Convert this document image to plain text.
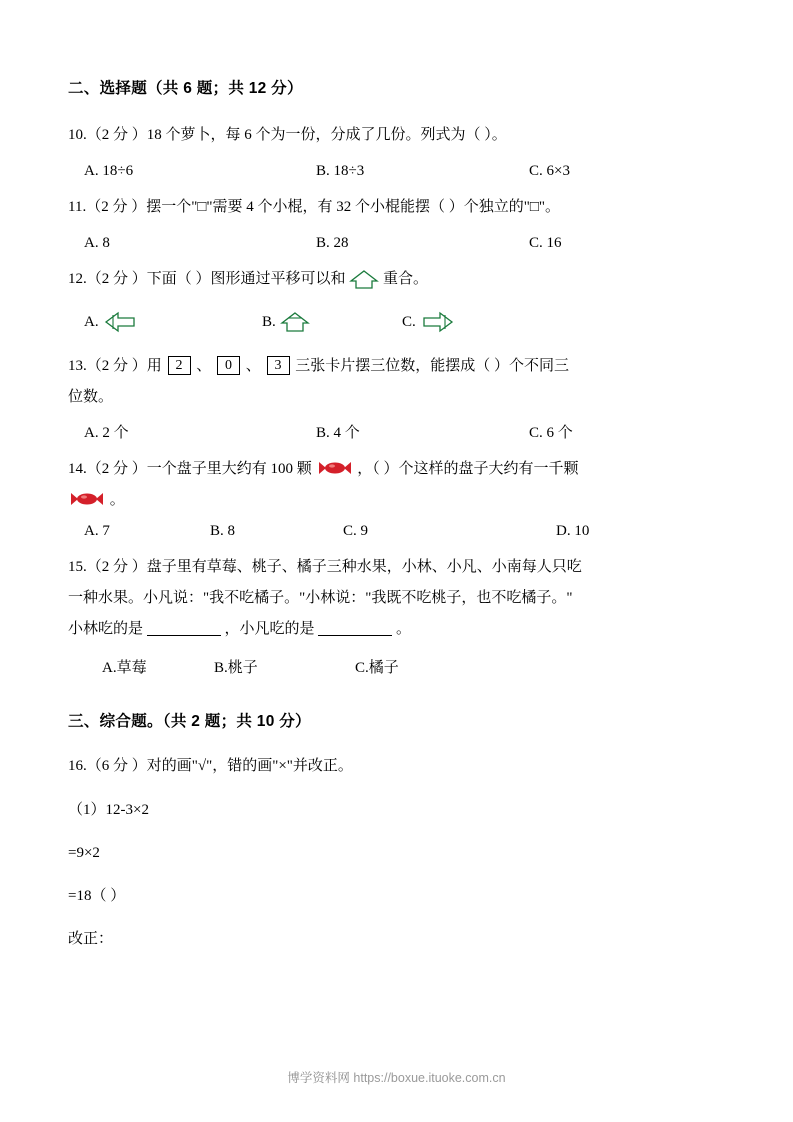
二、选择题（共 6 题；共 12 分）
10.（2 分 ）18 个萝卜，每 6 个为一份，分成了几份。列式为（ ）。
A. 18÷6	B. 18÷3	C. 6×3
11.（2 分 ）摆一个"□"需要 4 个小棍，有 32 个小棍能摆（ ）个独立的"□"。
A. 8	B. 28	C. 16
12.（2 分 ）下面（ ）图形通过平移可以和	重合。
A.	B.	C.
13.（2 分 ）用 2 、 0 、 3 三张卡片摆三位数，能摆成（ ）个不同三
位数。
A. 2 个	B. 4 个	C. 6 个
14.（2 分 ）一个盘子里大约有 100 颗	，（ ）个这样的盘子大约有一千颗
。
A. 7	B. 8	C. 9	D. 10
15.（2 分 ）盘子里有草莓、桃子、橘子三种水果，小林、小凡、小南每人只吃
一种水果。小凡说："我不吃橘子。"小林说："我既不吃桃子，也不吃橘子。"
小林吃的是	，小凡吃的是	。
A.草莓	B.桃子	C.橘子
三、综合题。（共 2 题；共 10 分）
16.（6 分 ）对的画"√"，错的画"×"并改正。
（1）12-3×2
=9×2
=18（ ）
改正：
博学资料网 https://boxue.ituoke.com.cn
